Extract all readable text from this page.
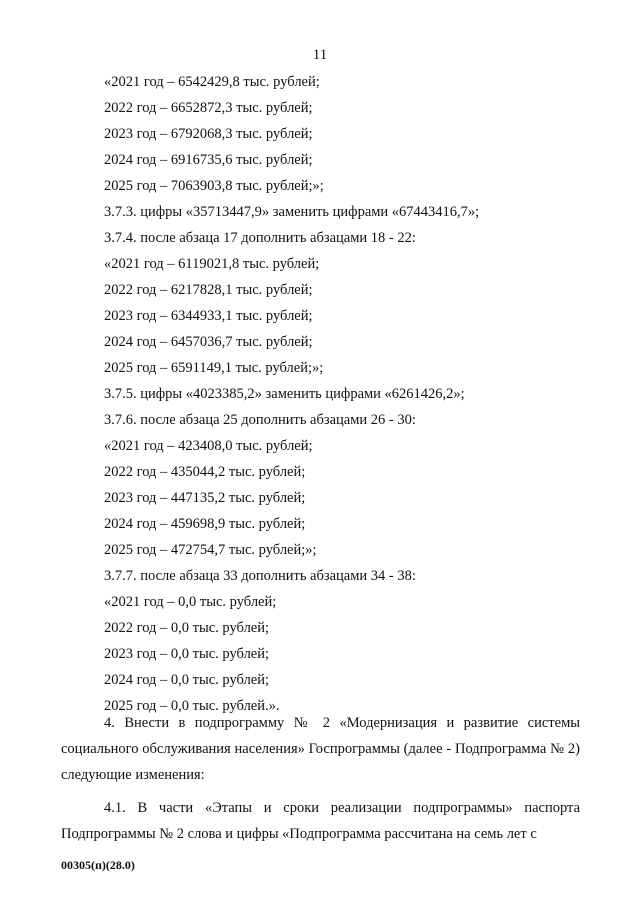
11
«2021 год – 6542429,8 тыс. рублей;
2022 год – 6652872,3 тыс. рублей;
2023 год – 6792068,3 тыс. рублей;
2024 год – 6916735,6 тыс. рублей;
2025 год – 7063903,8 тыс. рублей;»;
3.7.3. цифры «35713447,9» заменить цифрами «67443416,7»;
3.7.4. после абзаца 17 дополнить абзацами 18 - 22:
«2021 год – 6119021,8 тыс. рублей;
2022 год – 6217828,1 тыс. рублей;
2023 год – 6344933,1 тыс. рублей;
2024 год – 6457036,7 тыс. рублей;
2025 год – 6591149,1 тыс. рублей;»;
3.7.5. цифры «4023385,2» заменить цифрами «6261426,2»;
3.7.6. после абзаца 25 дополнить абзацами 26 - 30:
«2021 год – 423408,0 тыс. рублей;
2022 год – 435044,2 тыс. рублей;
2023 год – 447135,2 тыс. рублей;
2024 год – 459698,9 тыс. рублей;
2025 год – 472754,7 тыс. рублей;»;
3.7.7. после абзаца 33 дополнить абзацами 34 - 38:
«2021 год – 0,0 тыс. рублей;
2022 год – 0,0 тыс. рублей;
2023 год – 0,0 тыс. рублей;
2024 год – 0,0 тыс. рублей;
2025 год – 0,0 тыс. рублей.».
4. Внести в подпрограмму № 2 «Модернизация и развитие системы социального обслуживания населения» Госпрограммы (далее - Подпрограмма № 2) следующие изменения:
4.1. В части «Этапы и сроки реализации подпрограммы» паспорта Подпрограммы № 2 слова и цифры «Подпрограмма рассчитана на семь лет с
00305(п)(28.0)
